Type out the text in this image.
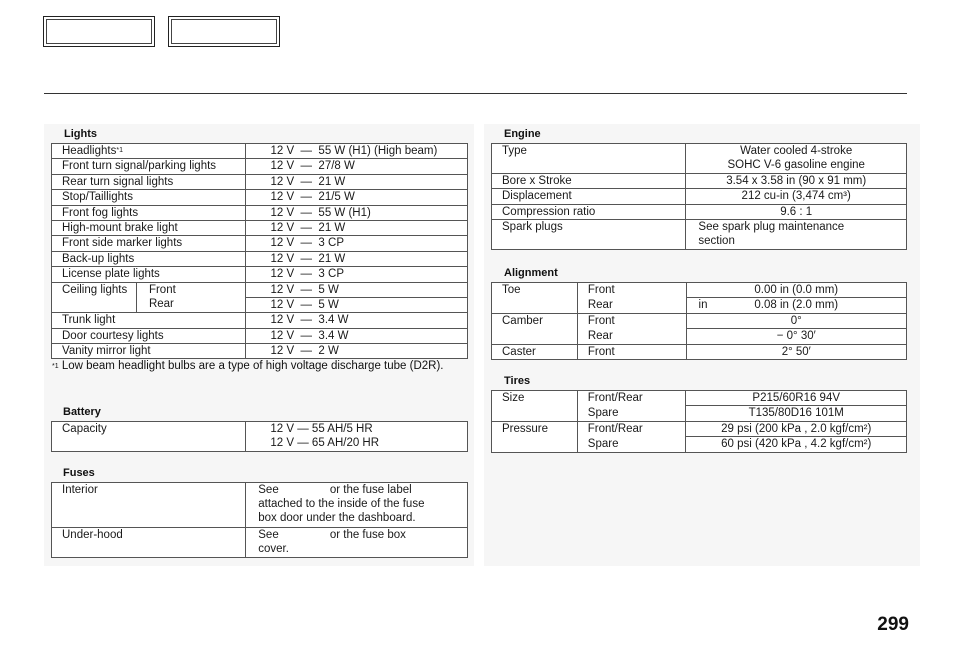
Lights
Headlights$^{*1}$		12 V  —  55 W (H1) (High beam)
Front turn signal/parking lights		12 V  —  27/8 W
Rear turn signal lights		12 V  —  21 W
Stop/Taillights		12 V  —  21/5 W
Front fog lights		12 V  —  55 W (H1)
High-mount brake light		12 V  —  21 W
Front side marker lights		12 V  —  3 CP
Back-up lights		12 V  —  21 W
License plate lights		12 V  —  3 CP
Ceiling lights	Front	12 V  —  5 W
	Rear	12 V  —  5 W
Trunk light		12 V  —  3.4 W
Door courtesy lights		12 V  —  3.4 W
Vanity mirror light		12 V  —  2 W
$^{*1}$ Low beam headlight bulbs are a type of high voltage discharge tube (D2R).
Battery
Capacity	12 V — 55 AH/5 HR
12 V — 65 AH/20 HR
Fuses
Interior	See                or the fuse label
attached to the inside of the fuse
box door under the dashboard.

Under-hood	See                or the fuse box
cover.
Engine
Type	Water cooled 4-stroke
SOHC V-6 gasoline engine

Bore x Stroke	3.54 x 3.58 in (90 x 91 mm)
Displacement	212 cu-in (3,474 cm³)
Compression ratio	9.6 : 1
Spark plugs	See spark plug maintenance
section
Alignment
Toe	Front	0.00 in (0.0 mm)
	Rear	in 0.08 in (2.0 mm)
Camber	Front	0°
	Rear	− 0° 30′
Caster	Front	2° 50′
Tires
Size	Front/Rear	P215/60R16 94V
	Spare	T135/80D16 101M
Pressure	Front/Rear	29 psi (200 kPa , 2.0 kgf/cm²)
	Spare	60 psi (420 kPa , 4.2 kgf/cm²)
299
